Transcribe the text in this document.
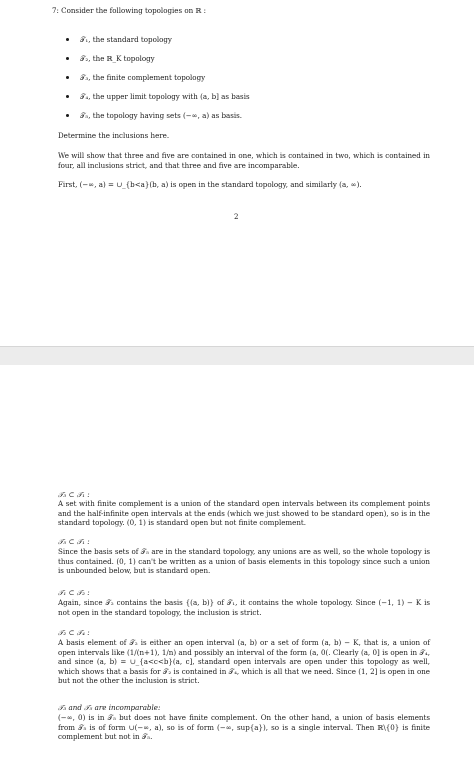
7: Consider the following topologies on ℝ :
𝒯₁, the standard topology
𝒯₂, the ℝ_K topology
𝒯₃, the finite complement topology
𝒯₄, the upper limit topology with (a, b] as basis
𝒯₅, the topology having sets (−∞, a) as basis.
Determine the inclusions here.
We will show that three and five are contained in one, which is contained in two, which is contained in four, all inclusions strict, and that three and five are incomparable.
First, (−∞, a) = ∪_{b<a}(b, a) is open in the standard topology, and similarly (a, ∞).
2
𝒯₃ ⊂ 𝒯₁ :
A set with finite complement is a union of the standard open intervals between its complement points and the half-infinite open intervals at the ends (which we just showed to be standard open), so is in the standard topology. (0, 1) is standard open but not finite complement.
𝒯₅ ⊂ 𝒯₁ :
Since the basis sets of 𝒯₅ are in the standard topology, any unions are as well, so the whole topology is thus contained. (0, 1) can't be written as a union of basis elements in this topology since such a union is unbounded below, but is standard open.
𝒯₁ ⊂ 𝒯₂ :
Again, since 𝒯₂ contains the basis {(a, b)} of 𝒯₁, it contains the whole topology. Since (−1, 1) − K is not open in the standard topology, the inclusion is strict.
𝒯₂ ⊂ 𝒯₄ :
A basis element of 𝒯₂ is either an open interval (a, b) or a set of form (a, b) − K, that is, a union of open intervals like (1/(n+1), 1/n) and possibly an interval of the form (a, 0(. Clearly (a, 0] is open in 𝒯₄, and since (a, b) = ∪_{a<c<b}(a, c], standard open intervals are open under this topology as well, which shows that a basis for 𝒯₂ is contained in 𝒯₄, which is all that we need. Since (1, 2] is open in one but not the other the inclusion is strict.
𝒯₃ and 𝒯₅ are incomparable:
(−∞, 0) is in 𝒯₅ but does not have finite complement. On the other hand, a union of basis elements from 𝒯₅ is of form ∪(−∞, a), so is of form (−∞, sup{a}), so is a single interval. Then ℝ\{0} is finite complement but not in 𝒯₅.
